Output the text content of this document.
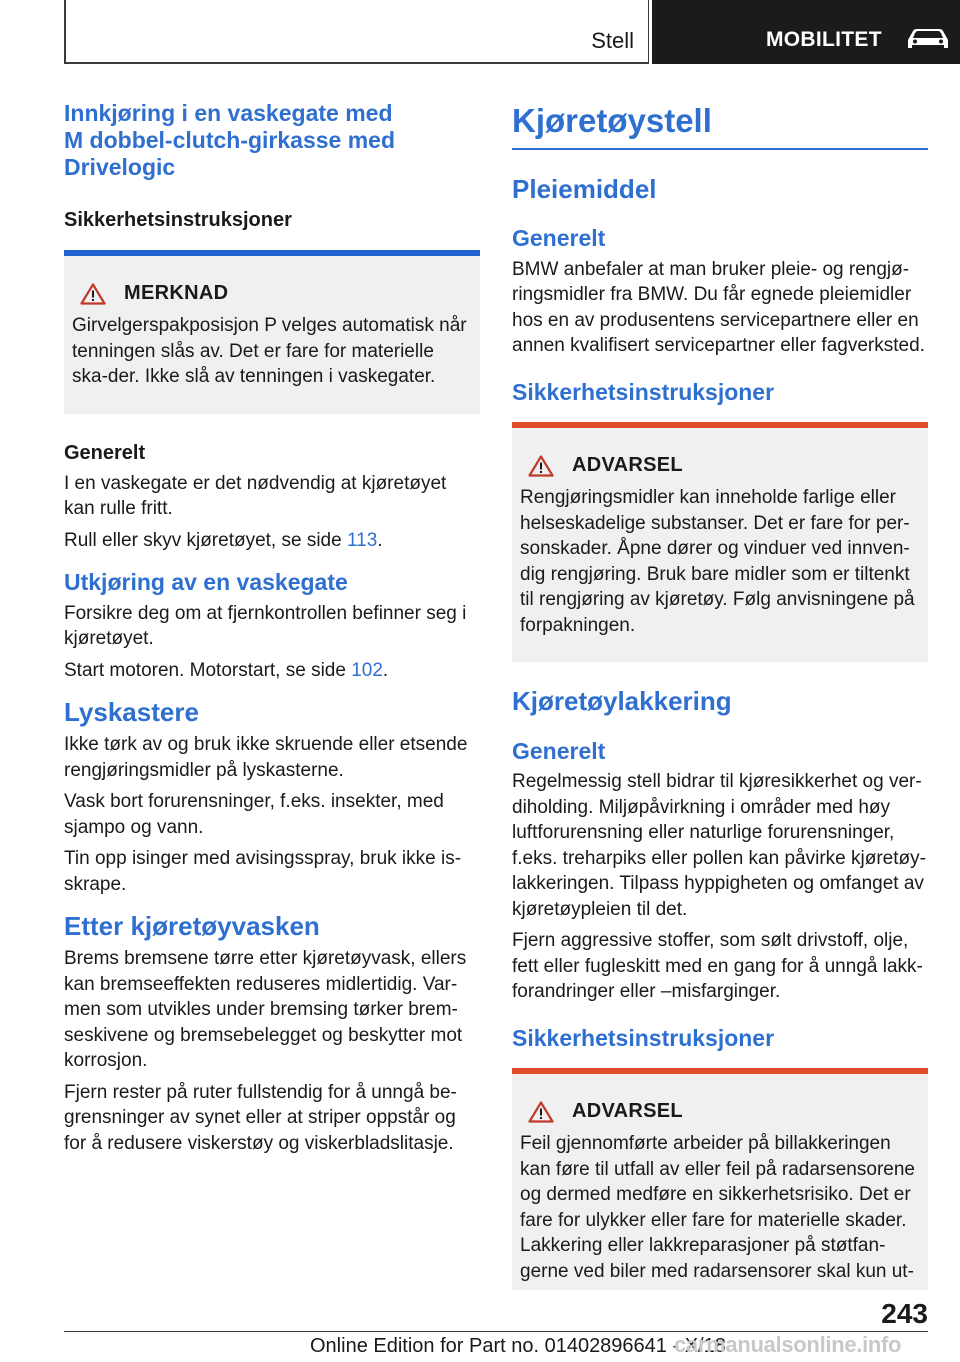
Stell	MOBILITET
Innkjøring i en vaskegate med
M dobbel-clutch-girkasse med
Drivelogic
Sikkerhetsinstruksjoner
MERKNAD
Girvelgerspakposisjon P velges automatisk når tenningen slås av. Det er fare for materielle ska-der. Ikke slå av tenningen i vaskegater.
Generelt
I en vaskegate er det nødvendig at kjøretøyet kan rulle fritt.
Rull eller skyv kjøretøyet, se side 113.
Utkjøring av en vaskegate
Forsikre deg om at fjernkontrollen befinner seg i kjøretøyet.
Start motoren. Motorstart, se side 102.
Lyskastere
Ikke tørk av og bruk ikke skruende eller etsende rengjøringsmidler på lyskasterne.
Vask bort forurensninger, f.eks. insekter, med sjampo og vann.
Tin opp isinger med avisingsspray, bruk ikke is-skrape.
Etter kjøretøyvasken
Brems bremsene tørre etter kjøretøyvask, ellers kan bremseeffekten reduseres midlertidig. Var-men som utvikles under bremsing tørker brem-seskivene og bremsebelegget og beskytter mot korrosjon.
Fjern rester på ruter fullstendig for å unngå be-grensninger av synet eller at striper oppstår og for å redusere viskerstøy og viskerbladslitasje.
Kjøretøystell
Pleiemiddel
Generelt
BMW anbefaler at man bruker pleie- og rengjø-ringsmidler fra BMW. Du får egnede pleiemidler hos en av produsentens servicepartnere eller en annen kvalifisert servicepartner eller fagverksted.
Sikkerhetsinstruksjoner
ADVARSEL
Rengjøringsmidler kan inneholde farlige eller helseskadelige substanser. Det er fare for per-sonskader. Åpne dører og vinduer ved innven-dig rengjøring. Bruk bare midler som er tiltenkt til rengjøring av kjøretøy. Følg anvisningene på forpakningen.
Kjøretøylakkering
Generelt
Regelmessig stell bidrar til kjøresikkerhet og ver-diholding. Miljøpåvirkning i områder med høy luftforurensning eller naturlige forurensninger, f.eks. treharpiks eller pollen kan påvirke kjøretøy-lakkeringen. Tilpass hyppigheten og omfanget av kjøretøypleien til det.
Fjern aggressive stoffer, som sølt drivstoff, olje, fett eller fugleskitt med en gang for å unngå lakk-forandringer eller –misfarginger.
Sikkerhetsinstruksjoner
ADVARSEL
Feil gjennomførte arbeider på billakkeringen kan føre til utfall av eller feil på radarsensorene og dermed medføre en sikkerhetsrisiko. Det er fare for ulykker eller fare for materielle skader. Lakkering eller lakkreparasjoner på støtfan-gerne ved biler med radarsensorer skal kun ut-
243
Online Edition for Part no. 01402896641 - X/18
carmanualsonline.info
